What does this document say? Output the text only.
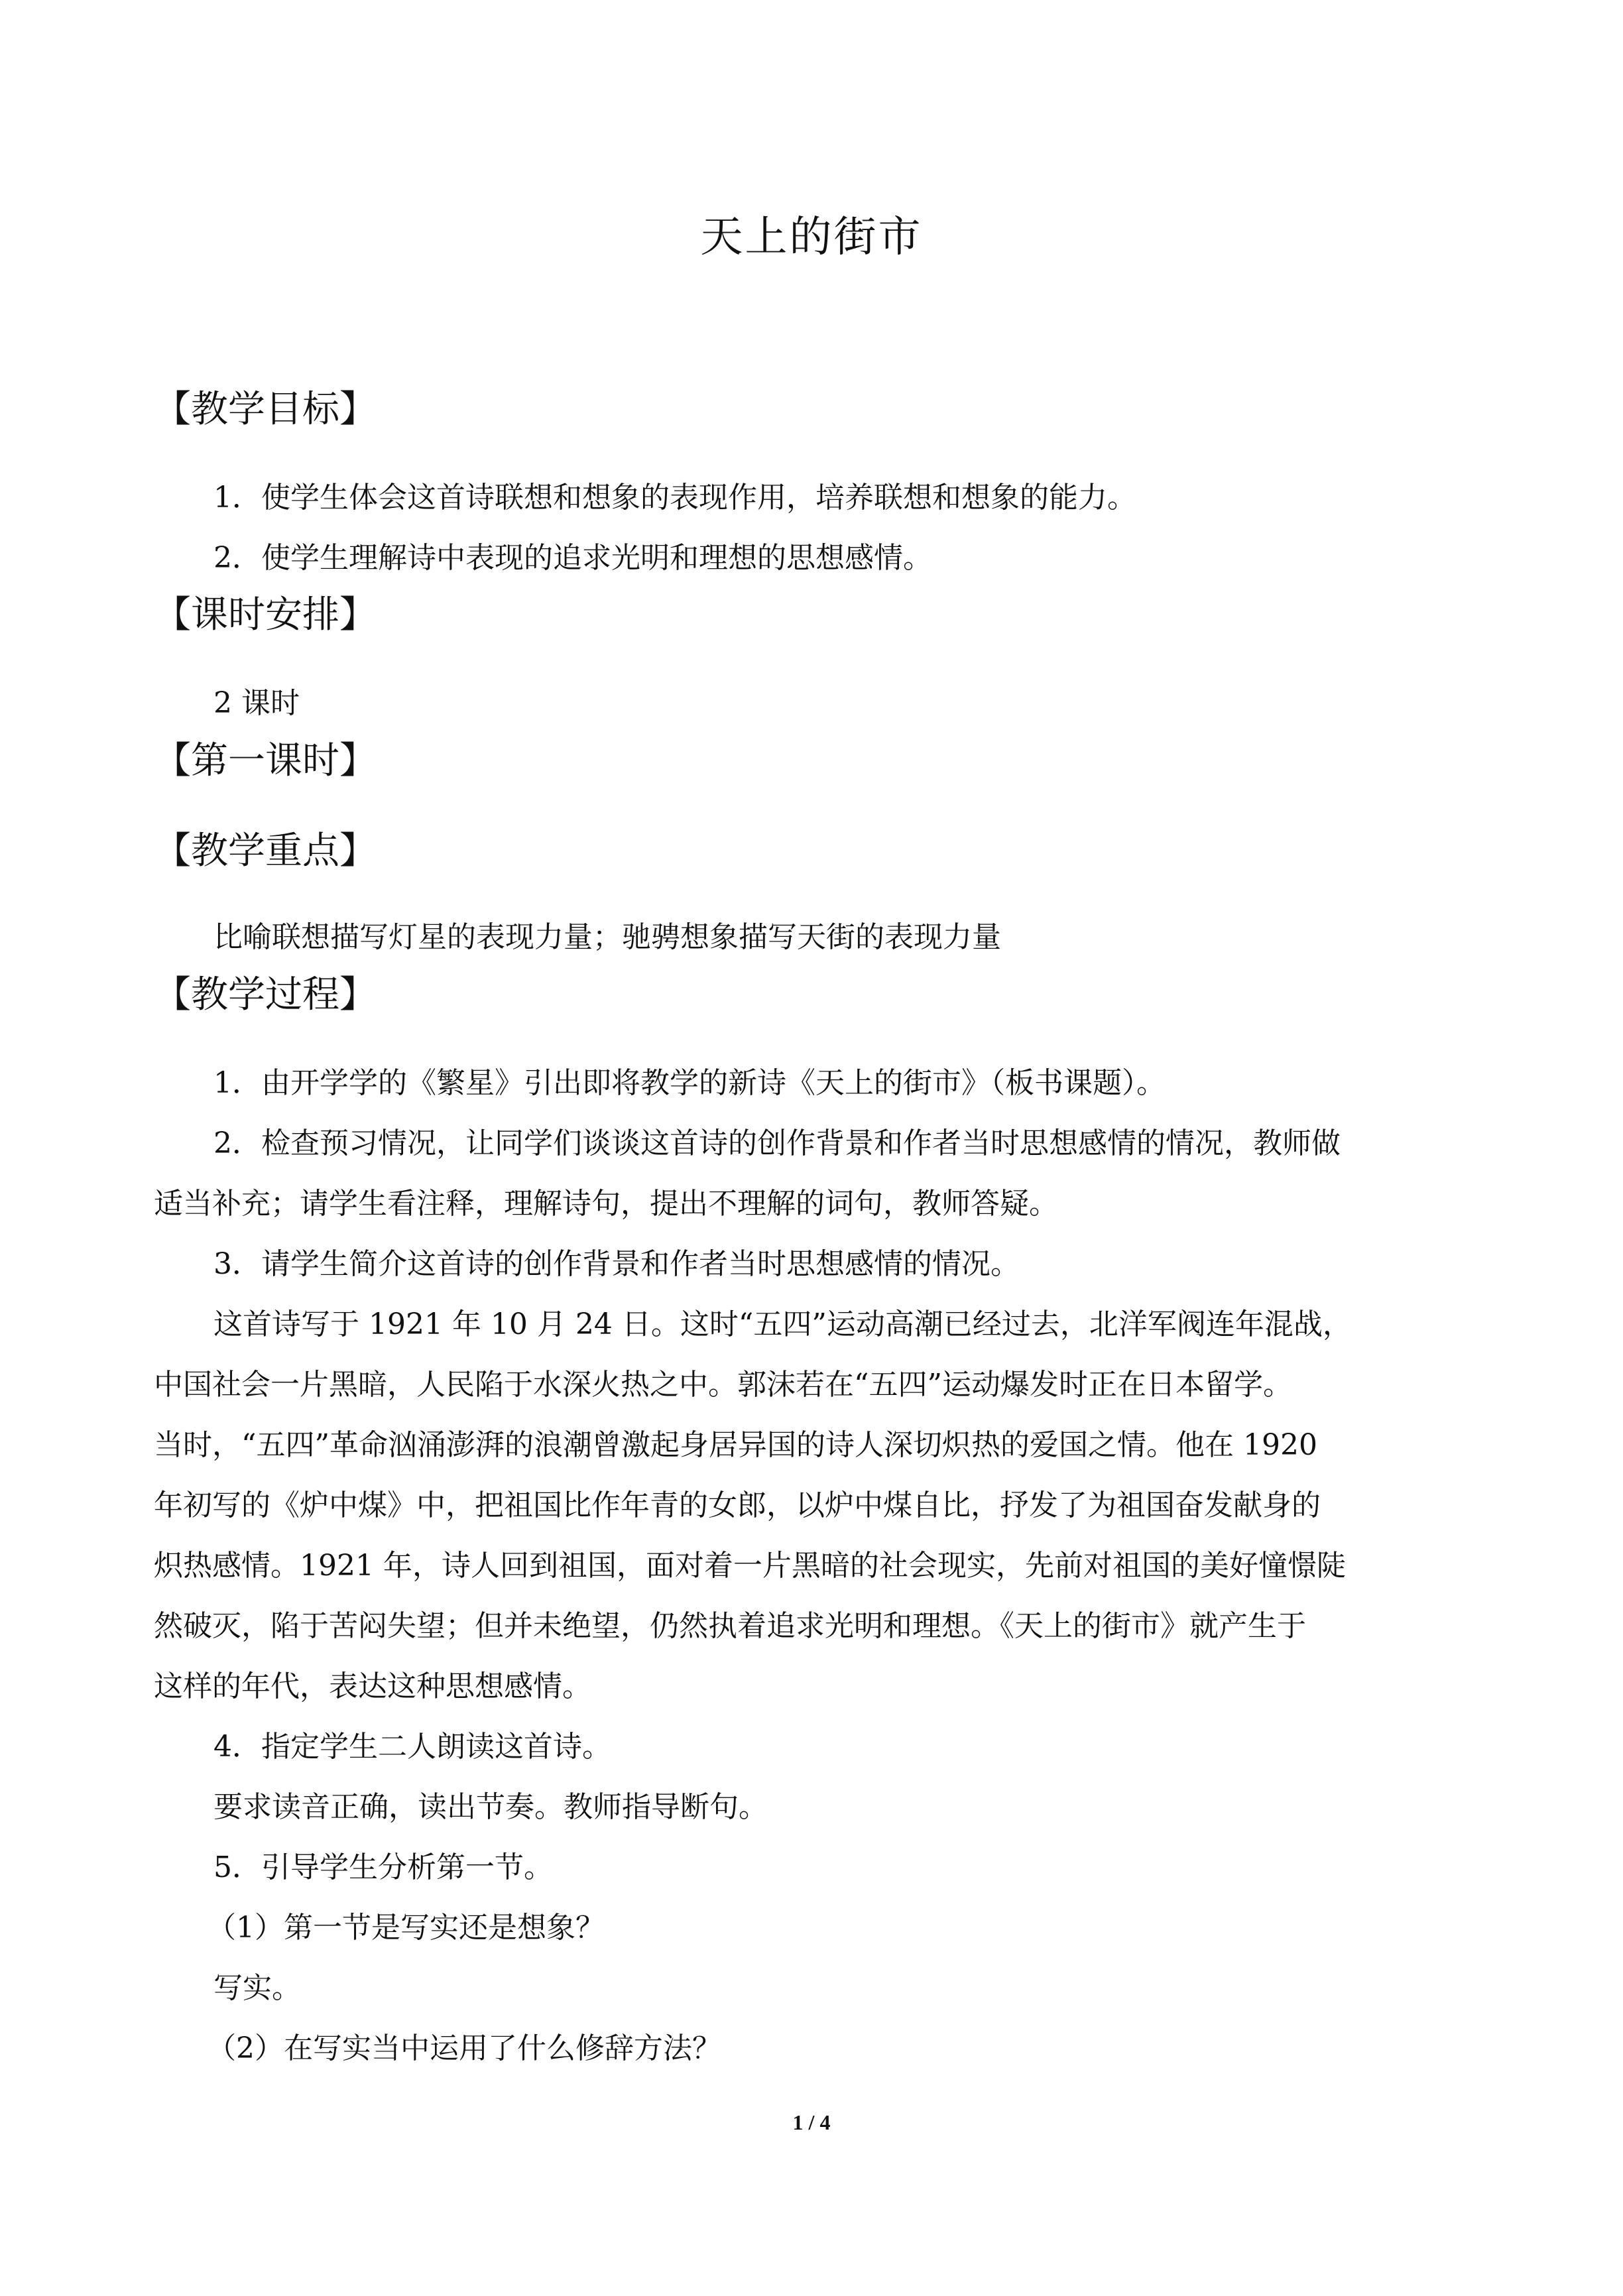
天上的街市
【教学目标】
1．使学生体会这首诗联想和想象的表现作用，培养联想和想象的能力。
2．使学生理解诗中表现的追求光明和理想的思想感情。
【课时安排】
2 课时
【第一课时】
【教学重点】
比喻联想描写灯星的表现力量；驰骋想象描写天街的表现力量
【教学过程】
1．由开学学的《繁星》引出即将教学的新诗《天上的街市》（板书课题）。
2．检查预习情况，让同学们谈谈这首诗的创作背景和作者当时思想感情的情况，教师做
适当补充；请学生看注释，理解诗句，提出不理解的词句，教师答疑。
3．请学生简介这首诗的创作背景和作者当时思想感情的情况。
这首诗写于 1921 年 10 月 24 日。这时“五四”运动高潮已经过去，北洋军阀连年混战，
中国社会一片黑暗，人民陷于水深火热之中。郭沫若在“五四”运动爆发时正在日本留学。
当时，“五四”革命汹涌澎湃的浪潮曾激起身居异国的诗人深切炽热的爱国之情。他在 1920
年初写的《炉中煤》中，把祖国比作年青的女郎，以炉中煤自比，抒发了为祖国奋发献身的
炽热感情。1921 年，诗人回到祖国，面对着一片黑暗的社会现实，先前对祖国的美好憧憬陡
然破灭，陷于苦闷失望；但并未绝望，仍然执着追求光明和理想。《天上的街市》就产生于
这样的年代，表达这种思想感情。
4．指定学生二人朗读这首诗。
要求读音正确，读出节奏。教师指导断句。
5．引导学生分析第一节。
（1）第一节是写实还是想象？
写实。
（2）在写实当中运用了什么修辞方法？
1 / 4
